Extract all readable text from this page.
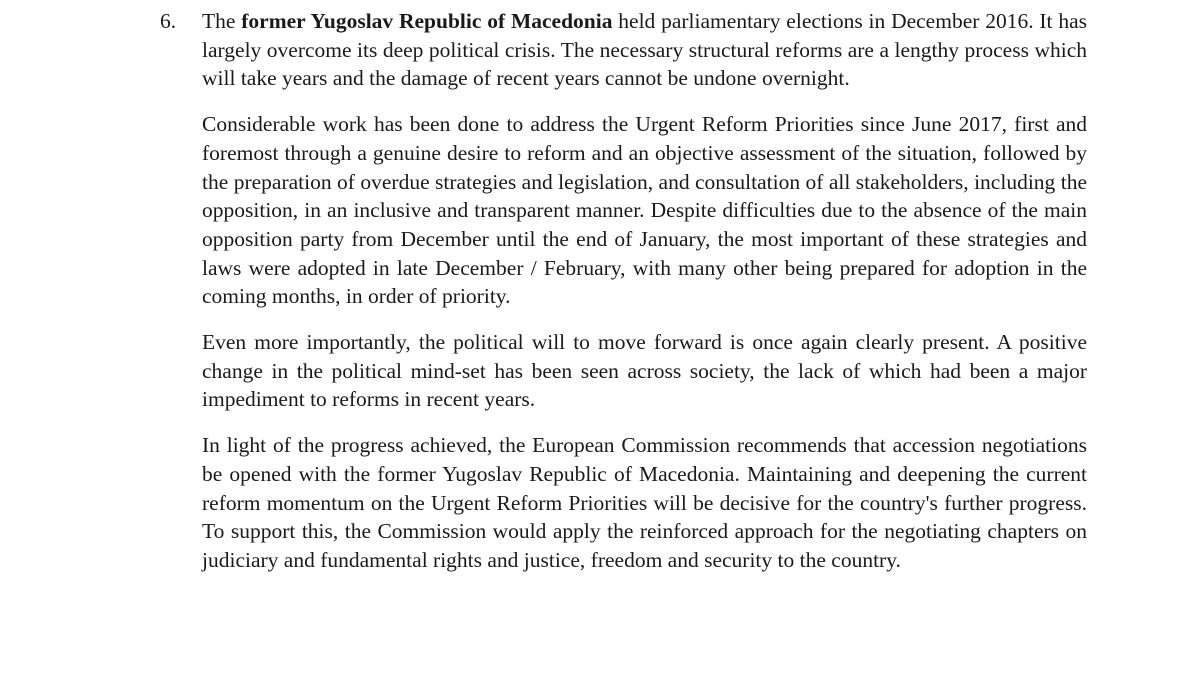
6. The former Yugoslav Republic of Macedonia held parliamentary elections in December 2016. It has largely overcome its deep political crisis. The necessary structural reforms are a lengthy process which will take years and the damage of recent years cannot be undone overnight.

Considerable work has been done to address the Urgent Reform Priorities since June 2017, first and foremost through a genuine desire to reform and an objective assessment of the situation, followed by the preparation of overdue strategies and legislation, and consultation of all stakeholders, including the opposition, in an inclusive and transparent manner. Despite difficulties due to the absence of the main opposition party from December until the end of January, the most important of these strategies and laws were adopted in late December / February, with many other being prepared for adoption in the coming months, in order of priority.

Even more importantly, the political will to move forward is once again clearly present. A positive change in the political mind-set has been seen across society, the lack of which had been a major impediment to reforms in recent years.

In light of the progress achieved, the European Commission recommends that accession negotiations be opened with the former Yugoslav Republic of Macedonia. Maintaining and deepening the current reform momentum on the Urgent Reform Priorities will be decisive for the country's further progress. To support this, the Commission would apply the reinforced approach for the negotiating chapters on judiciary and fundamental rights and justice, freedom and security to the country.
